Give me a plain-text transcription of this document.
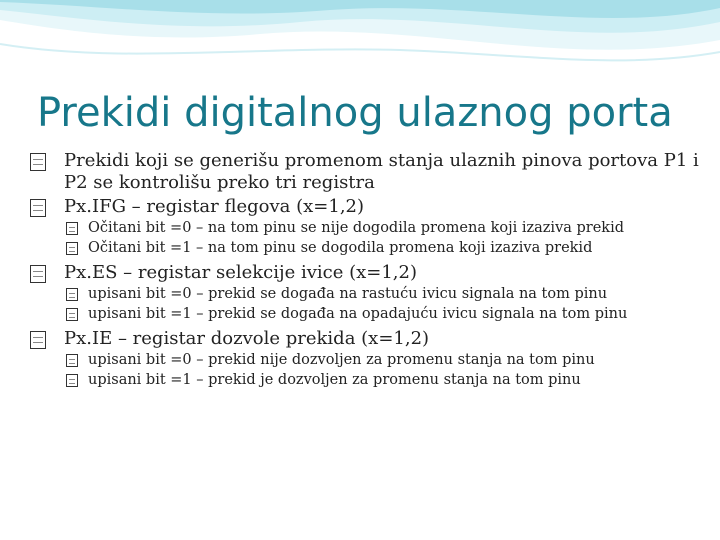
Prekidi digitalnog ulaznog porta
Prekidi koji se generišu promenom stanja ulaznih pinova portova P1 i P2 se kontrolišu preko tri registra
Px.IFG – registar flegova (x=1,2)
Očitani bit =0 – na tom pinu se nije dogodila promena koji izaziva prekid
Očitani bit =1 – na tom pinu se dogodila promena koji izaziva prekid
Px.ES – registar selekcije ivice (x=1,2)
upisani bit =0 – prekid se događa na rastuću ivicu signala na tom pinu
upisani bit =1 – prekid se događa na opadajuću ivicu signala na tom pinu
Px.IE – registar dozvole prekida (x=1,2)
upisani bit =0 – prekid nije dozvoljen za promenu stanja na tom pinu
upisani bit =1 – prekid je dozvoljen za promenu stanja na tom pinu
